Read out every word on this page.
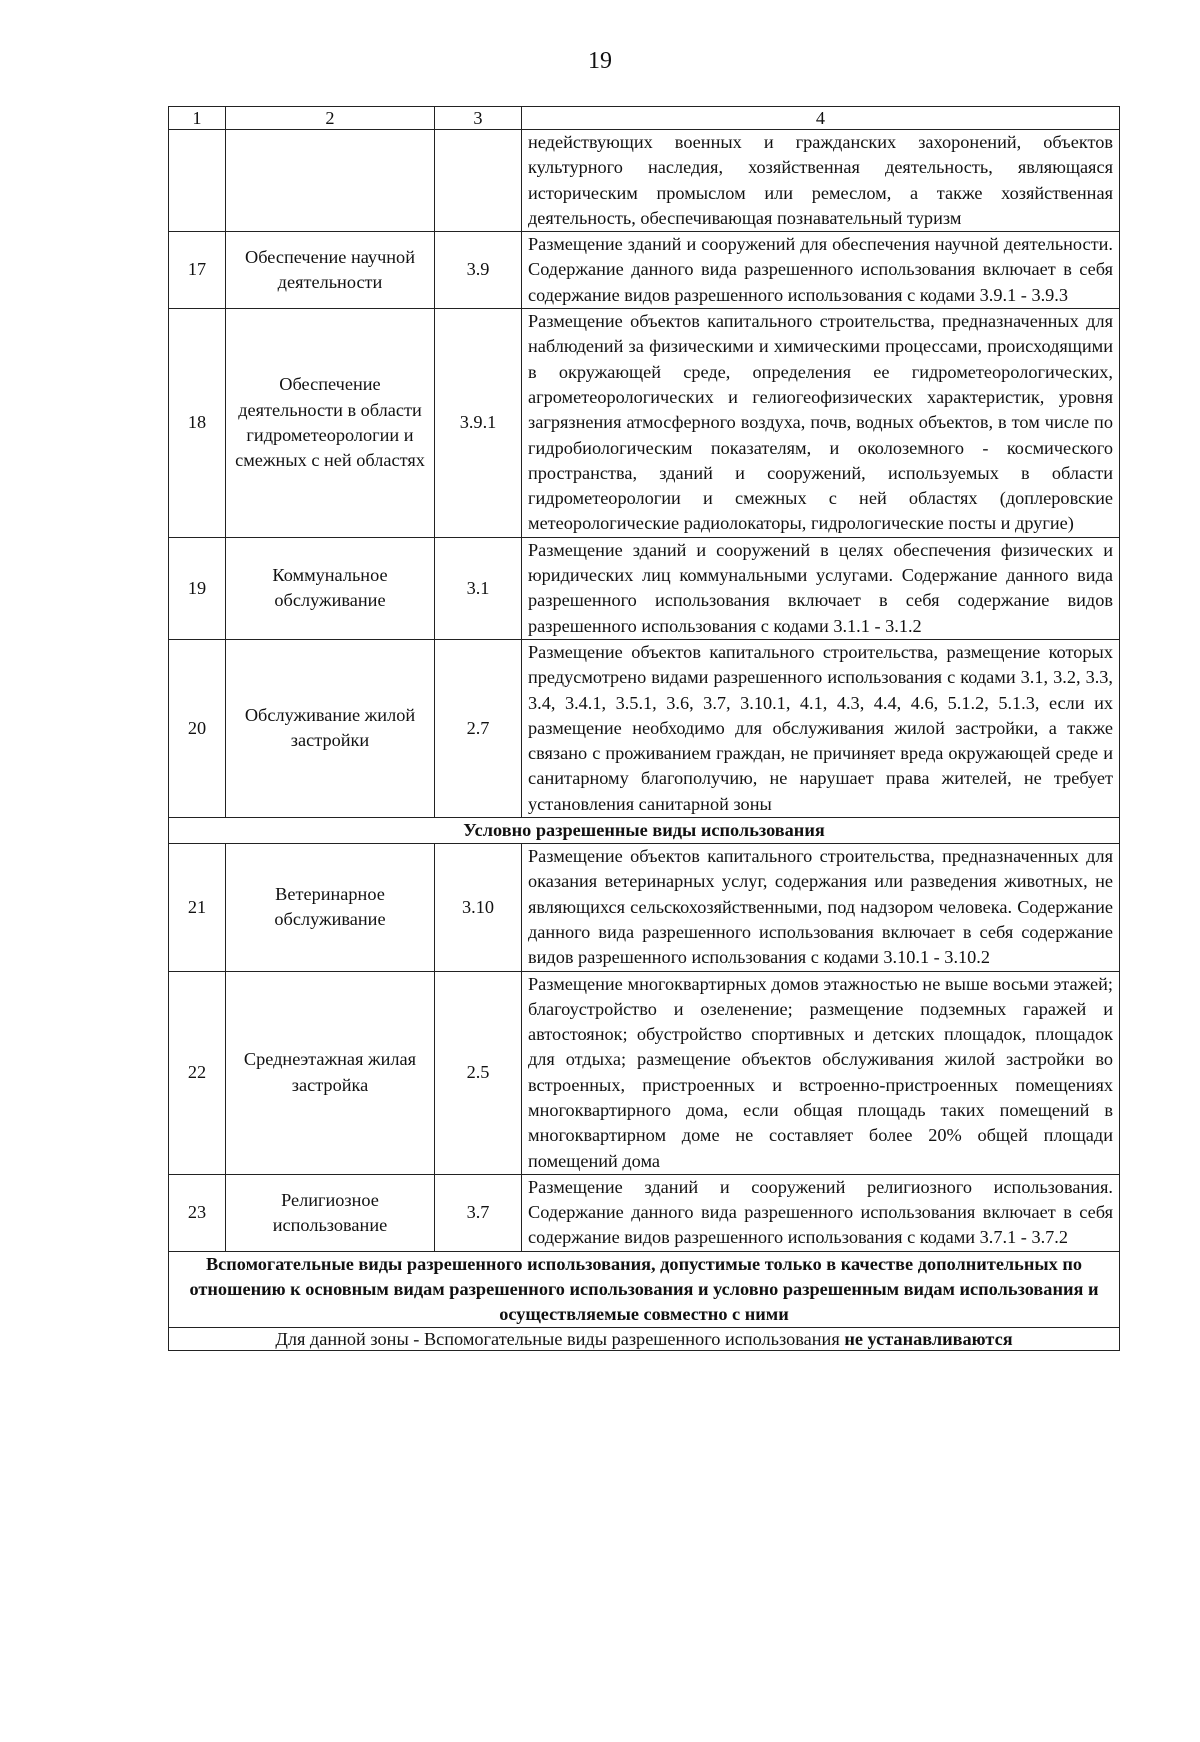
19
1	2	3	4
			недействующих военных и гражданских захоронений, объектов культурного наследия, хозяйственная деятельность, являющаяся историческим промыслом или ремеслом, а также хозяйственная деятельность, обеспечивающая познавательный туризм
17	Обеспечение научной деятельности	3.9	Размещение зданий и сооружений для обеспечения научной деятельности. Содержание данного вида разрешенного использования включает в себя содержание видов разрешенного использования с кодами 3.9.1 - 3.9.3
18	Обеспечение деятельности в области гидрометеорологии и смежных с ней областях	3.9.1	Размещение объектов капитального строительства, предназначенных для наблюдений за физическими и химическими процессами, происходящими в окружающей среде, определения ее гидрометеорологических, агрометеорологических и гелиогеофизических характеристик, уровня загрязнения атмосферного воздуха, почв, водных объектов, в том числе по гидробиологическим показателям, и околоземного - космического пространства, зданий и сооружений, используемых в области гидрометеорологии и смежных с ней областях (доплеровские метеорологические радиолокаторы, гидрологические посты и другие)
19	Коммунальное обслуживание	3.1	Размещение зданий и сооружений в целях обеспечения физических и юридических лиц коммунальными услугами. Содержание данного вида разрешенного использования включает в себя содержание видов разрешенного использования с кодами 3.1.1 - 3.1.2
20	Обслуживание жилой застройки	2.7	Размещение объектов капитального строительства, размещение которых предусмотрено видами разрешенного использования с кодами 3.1, 3.2, 3.3, 3.4, 3.4.1, 3.5.1, 3.6, 3.7, 3.10.1, 4.1, 4.3, 4.4, 4.6, 5.1.2, 5.1.3, если их размещение необходимо для обслуживания жилой застройки, а также связано с проживанием граждан, не причиняет вреда окружающей среде и санитарному благополучию, не нарушает права жителей, не требует установления санитарной зоны
Условно разрешенные виды использования			
21	Ветеринарное обслуживание	3.10	Размещение объектов капитального строительства, предназначенных для оказания ветеринарных услуг, содержания или разведения животных, не являющихся сельскохозяйственными, под надзором человека. Содержание данного вида разрешенного использования включает в себя содержание видов разрешенного использования с кодами 3.10.1 - 3.10.2
22	Среднеэтажная жилая застройка	2.5	Размещение многоквартирных домов этажностью не выше восьми этажей; благоустройство и озеленение; размещение подземных гаражей и автостоянок; обустройство спортивных и детских площадок, площадок для отдыха; размещение объектов обслуживания жилой застройки во встроенных, пристроенных и встроенно-пристроенных помещениях многоквартирного дома, если общая площадь таких помещений в многоквартирном доме не составляет более 20% общей площади помещений дома
23	Религиозное использование	3.7	Размещение зданий и сооружений религиозного использования. Содержание данного вида разрешенного использования включает в себя содержание видов разрешенного использования с кодами 3.7.1 - 3.7.2
Вспомогательные виды разрешенного использования, допустимые только в качестве дополнительных по отношению к основным видам разрешенного использования и условно разрешенным видам использования и осуществляемые совместно с ними			
Для данной зоны - Вспомогательные виды разрешенного использования не устанавливаются			
